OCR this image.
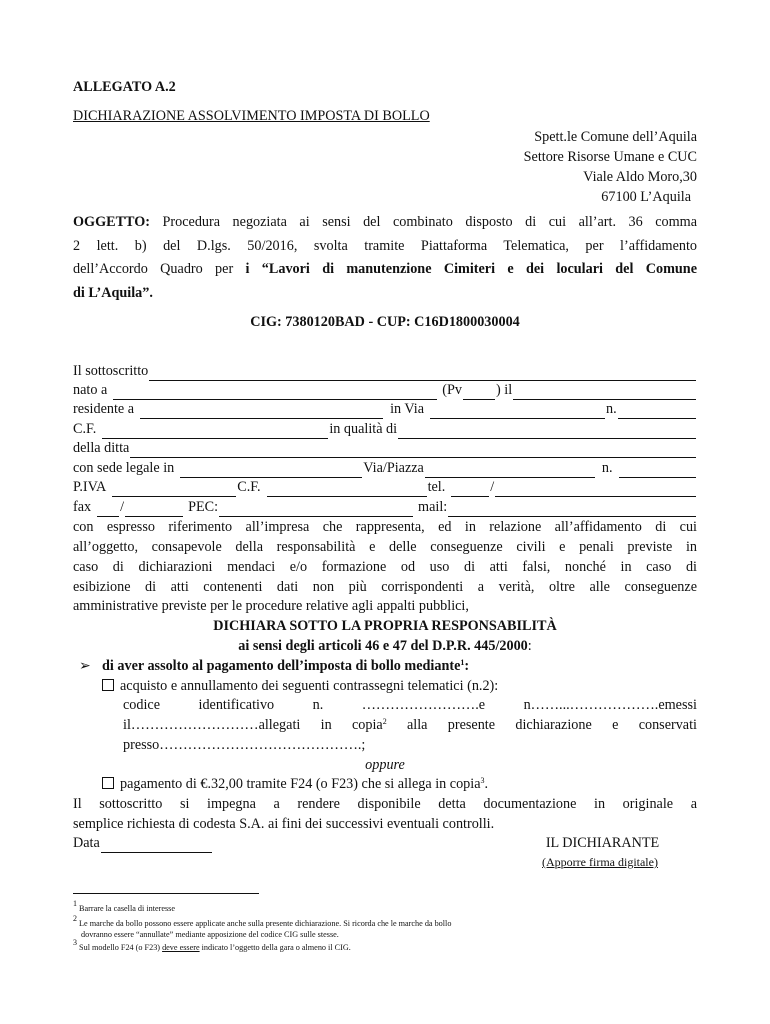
ALLEGATO A.2
DICHIARAZIONE ASSOLVIMENTO IMPOSTA DI BOLLO
Spett.le Comune dell’Aquila
Settore Risorse Umane e CUC
Viale Aldo Moro,30
67100 L’Aquila
OGGETTO: Procedura negoziata ai sensi del combinato disposto di cui all’art. 36 comma
2 lett. b) del D.lgs. 50/2016, svolta tramite Piattaforma Telematica, per l’affidamento
dell’Accordo Quadro per i “Lavori di manutenzione Cimiteri e dei loculari del Comune
di L’Aquila”.
CIG: 7380120BAD - CUP: C16D1800030004
Il sottoscritto
nato a	(Pv ) il
residente a	in Via	n.
C.F.	in qualità di
della ditta
con sede legale in	Via/Piazza	n.
P.IVA	C.F.	tel.	/
fax /	PEC:	mail:
con espresso riferimento all’impresa che rappresenta, ed in relazione all’affidamento di cui
all’oggetto, consapevole della responsabilità e delle conseguenze civili e penali previste in
caso di dichiarazioni mendaci e/o formazione od uso di atti falsi, nonché in caso di
esibizione di atti contenenti dati non più corrispondenti a verità, oltre alle conseguenze
amministrative previste per le procedure relative agli appalti pubblici,
DICHIARA SOTTO LA PROPRIA RESPONSABILITÀ
ai sensi degli articoli 46 e 47 del D.P.R. 445/2000:
➢ di aver assolto al pagamento dell’imposta di bollo mediante$^1$:
acquisto e annullamento dei seguenti contrassegni telematici (n.2):
codice	identificativo	n.	…………………….e	n……...……………….emessi
il………………………allegati in copia$^2$ alla presente dichiarazione e conservati
presso…………………………………….;
oppure
pagamento di €.32,00 tramite F24 (o F23) che si allega in copia$^3$.
Il sottoscritto si impegna a rendere disponibile detta documentazione in originale a
semplice richiesta di codesta S.A. ai fini dei successivi eventuali controlli.
Data	IL DICHIARANTE
(Apporre firma digitale)
$^1$ Barrare la casella di interesse
$^2$ Le marche da bollo possono essere applicate anche sulla presente dichiarazione. Si ricorda che le marche da bollo
dovranno essere “annullate” mediante apposizione del codice CIG sulle stesse.
$^3$ Sul modello F24 (o F23) deve essere indicato l’oggetto della gara o almeno il CIG.
